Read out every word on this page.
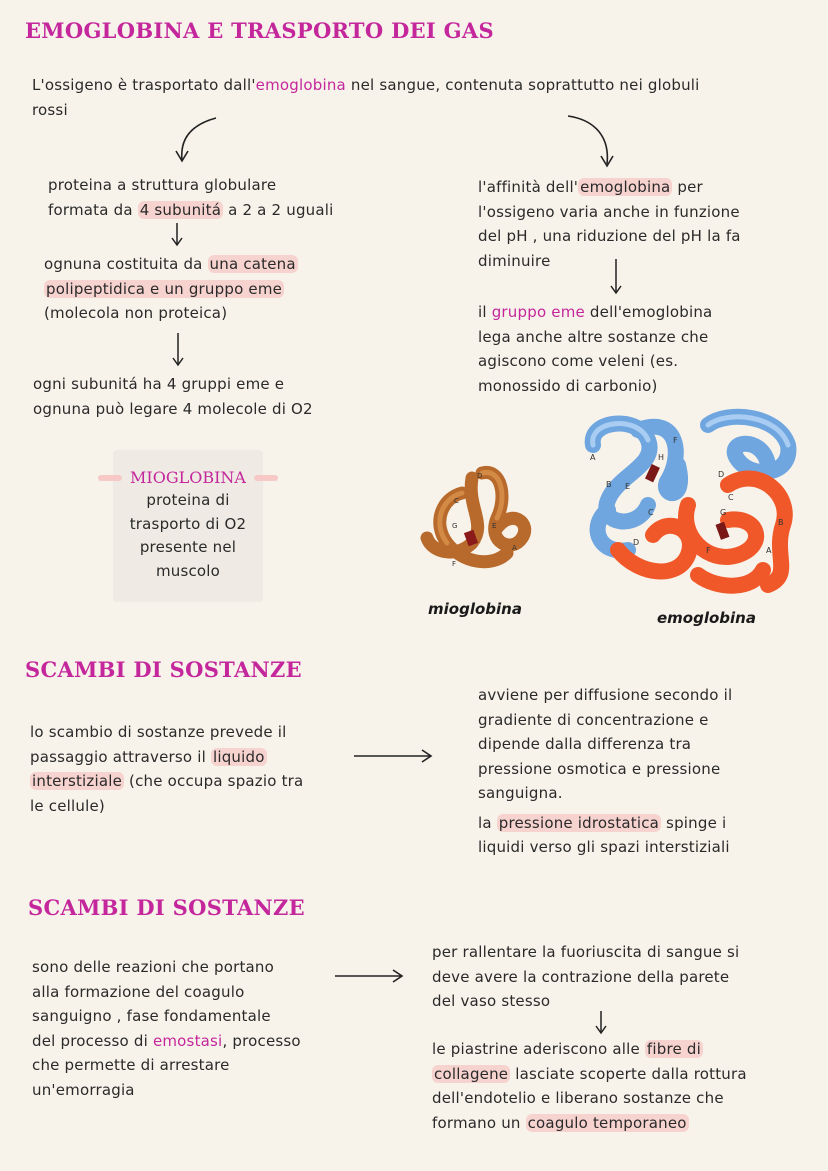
EMOGLOBINA E TRASPORTO DEI GAS
L'ossigeno è trasportato dall'emoglobina nel sangue, contenuta soprattutto nei globuli
rossi
proteina a struttura globulare
formata da 4 subunitá a 2 a 2 uguali
ognuna costituita da una catena
polipeptidica e un gruppo eme
(molecola non proteica)
ogni subunitá ha 4 gruppi eme e
ognuna può legare 4 molecole di O2
l'affinità dell' emoglobina per
l'ossigeno varia anche in funzione
del pH , una riduzione del pH la fa
diminuire
il gruppo eme dell'emoglobina
lega anche altre sostanze che
agiscono come veleni (es.
monossido di carbonio)
MIOGLOBINA
proteina di
trasporto di O2
presente nel
muscolo
D
C
E
G
A
F
mioglobina
A
B E
F
H
C
D
D
B
A
F
G
C
emoglobina
SCAMBI DI SOSTANZE
lo scambio di sostanze prevede il
passaggio attraverso il liquido
interstiziale (che occupa spazio tra
le cellule)
avviene per diffusione secondo il
gradiente di concentrazione e
dipende dalla differenza tra
pressione osmotica e pressione
sanguigna.
la pressione idrostatica spinge i
liquidi verso gli spazi interstiziali
SCAMBI DI SOSTANZE
sono delle reazioni che portano
alla formazione del coagulo
sanguigno , fase fondamentale
del processo di emostasi, processo
che permette di arrestare
un'emorragia
per rallentare la fuoriuscita di sangue si
deve avere la contrazione della parete
del vaso stesso
le piastrine aderiscono alle fibre di
collagene lasciate scoperte dalla rottura
dell'endotelio e liberano sostanze che
formano un coagulo temporaneo
